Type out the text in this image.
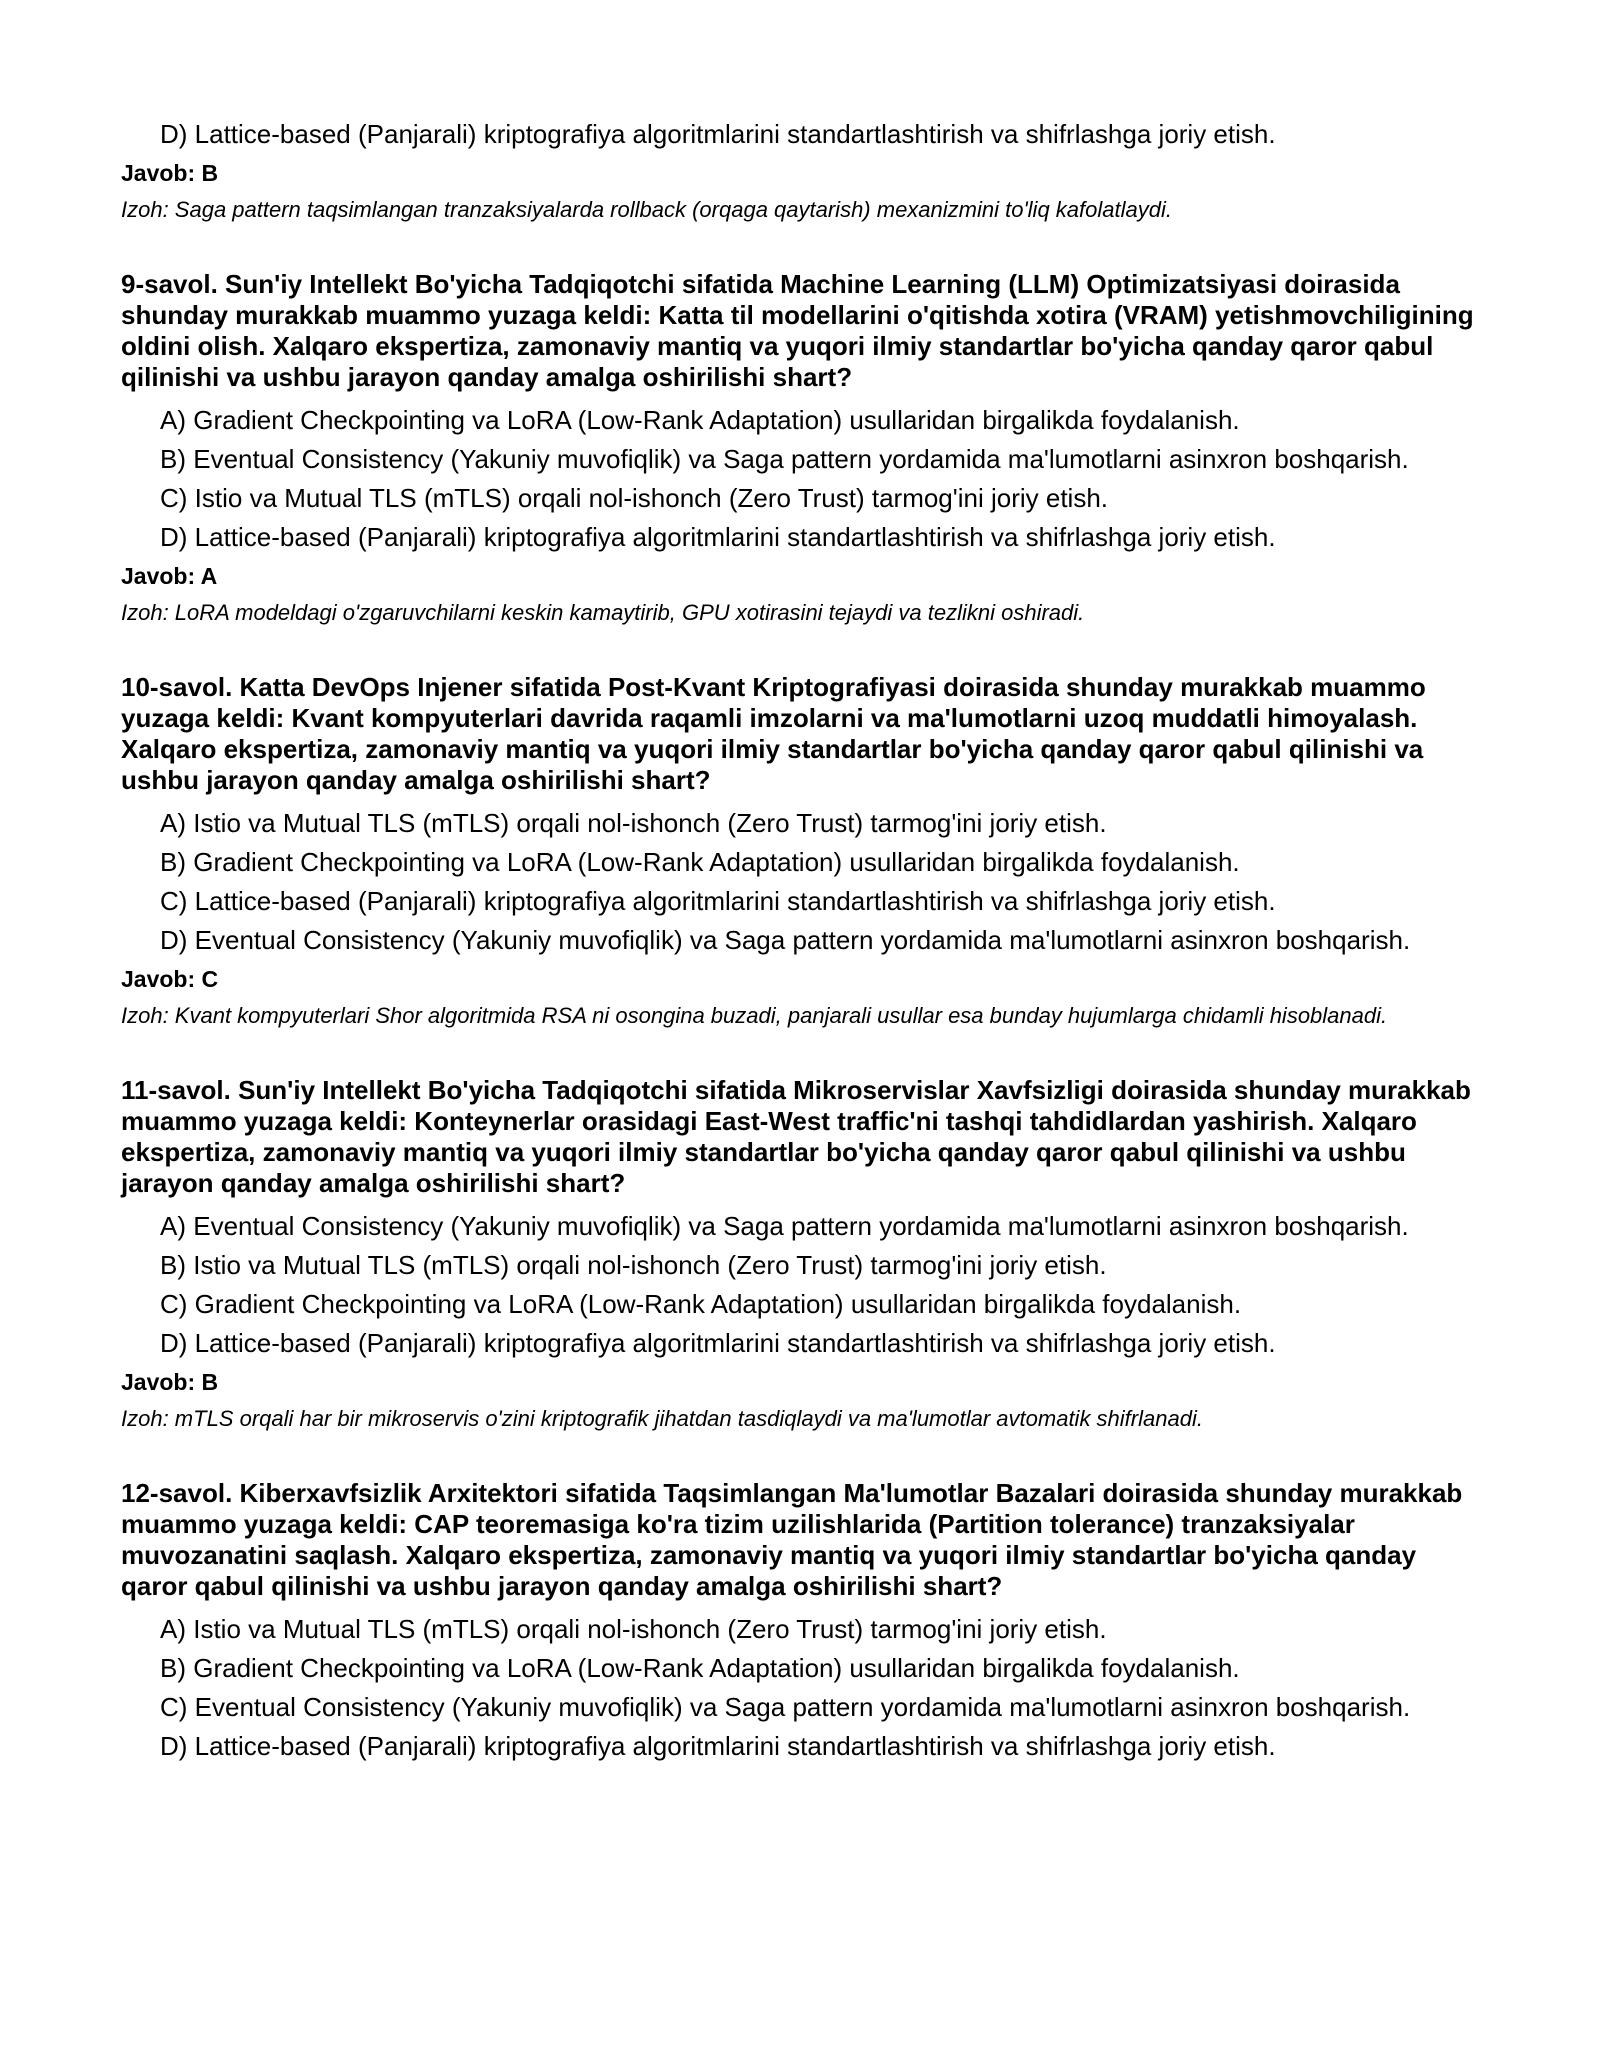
D) Lattice-based (Panjarali) kriptografiya algoritmlarini standartlashtirish va shifrlashga joriy etish.

Javob: B

Izoh: Saga pattern taqsimlangan tranzaksiyalarda rollback (orqaga qaytarish) mexanizmini to'liq kafolatlaydi.

9-savol. Sun'iy Intellekt Bo'yicha Tadqiqotchi sifatida Machine Learning (LLM) Optimizatsiyasi doirasida shunday murakkab muammo yuzaga keldi: Katta til modellarini o'qitishda xotira (VRAM) yetishmovchiligining oldini olish. Xalqaro ekspertiza, zamonaviy mantiq va yuqori ilmiy standartlar bo'yicha qanday qaror qabul qilinishi va ushbu jarayon qanday amalga oshirilishi shart?

A) Gradient Checkpointing va LoRA (Low-Rank Adaptation) usullaridan birgalikda foydalanish.

B) Eventual Consistency (Yakuniy muvofiqlik) va Saga pattern yordamida ma'lumotlarni asinxron boshqarish.

C) Istio va Mutual TLS (mTLS) orqali nol-ishonch (Zero Trust) tarmog'ini joriy etish.

D) Lattice-based (Panjarali) kriptografiya algoritmlarini standartlashtirish va shifrlashga joriy etish.

Javob: A

Izoh: LoRA modeldagi o'zgaruvchilarni keskin kamaytirib, GPU xotirasini tejaydi va tezlikni oshiradi.

10-savol. Katta DevOps Injener sifatida Post-Kvant Kriptografiyasi doirasida shunday murakkab muammo yuzaga keldi: Kvant kompyuterlari davrida raqamli imzolarni va ma'lumotlarni uzoq muddatli himoyalash. Xalqaro ekspertiza, zamonaviy mantiq va yuqori ilmiy standartlar bo'yicha qanday qaror qabul qilinishi va ushbu jarayon qanday amalga oshirilishi shart?

A) Istio va Mutual TLS (mTLS) orqali nol-ishonch (Zero Trust) tarmog'ini joriy etish.

B) Gradient Checkpointing va LoRA (Low-Rank Adaptation) usullaridan birgalikda foydalanish.

C) Lattice-based (Panjarali) kriptografiya algoritmlarini standartlashtirish va shifrlashga joriy etish.

D) Eventual Consistency (Yakuniy muvofiqlik) va Saga pattern yordamida ma'lumotlarni asinxron boshqarish.

Javob: C

Izoh: Kvant kompyuterlari Shor algoritmida RSA ni osongina buzadi, panjarali usullar esa bunday hujumlarga chidamli hisoblanadi.

11-savol. Sun'iy Intellekt Bo'yicha Tadqiqotchi sifatida Mikroservislar Xavfsizligi doirasida shunday murakkab muammo yuzaga keldi: Konteynerlar orasidagi East-West traffic'ni tashqi tahdidlardan yashirish. Xalqaro ekspertiza, zamonaviy mantiq va yuqori ilmiy standartlar bo'yicha qanday qaror qabul qilinishi va ushbu jarayon qanday amalga oshirilishi shart?

A) Eventual Consistency (Yakuniy muvofiqlik) va Saga pattern yordamida ma'lumotlarni asinxron boshqarish.

B) Istio va Mutual TLS (mTLS) orqali nol-ishonch (Zero Trust) tarmog'ini joriy etish.

C) Gradient Checkpointing va LoRA (Low-Rank Adaptation) usullaridan birgalikda foydalanish.

D) Lattice-based (Panjarali) kriptografiya algoritmlarini standartlashtirish va shifrlashga joriy etish.

Javob: B

Izoh: mTLS orqali har bir mikroservis o'zini kriptografik jihatdan tasdiqlaydi va ma'lumotlar avtomatik shifrlanadi.

12-savol. Kiberxavfsizlik Arxitektori sifatida Taqsimlangan Ma'lumotlar Bazalari doirasida shunday murakkab muammo yuzaga keldi: CAP teoremasiga ko'ra tizim uzilishlarida (Partition tolerance) tranzaksiyalar muvozanatini saqlash. Xalqaro ekspertiza, zamonaviy mantiq va yuqori ilmiy standartlar bo'yicha qanday qaror qabul qilinishi va ushbu jarayon qanday amalga oshirilishi shart?

A) Istio va Mutual TLS (mTLS) orqali nol-ishonch (Zero Trust) tarmog'ini joriy etish.

B) Gradient Checkpointing va LoRA (Low-Rank Adaptation) usullaridan birgalikda foydalanish.

C) Eventual Consistency (Yakuniy muvofiqlik) va Saga pattern yordamida ma'lumotlarni asinxron boshqarish.

D) Lattice-based (Panjarali) kriptografiya algoritmlarini standartlashtirish va shifrlashga joriy etish.
